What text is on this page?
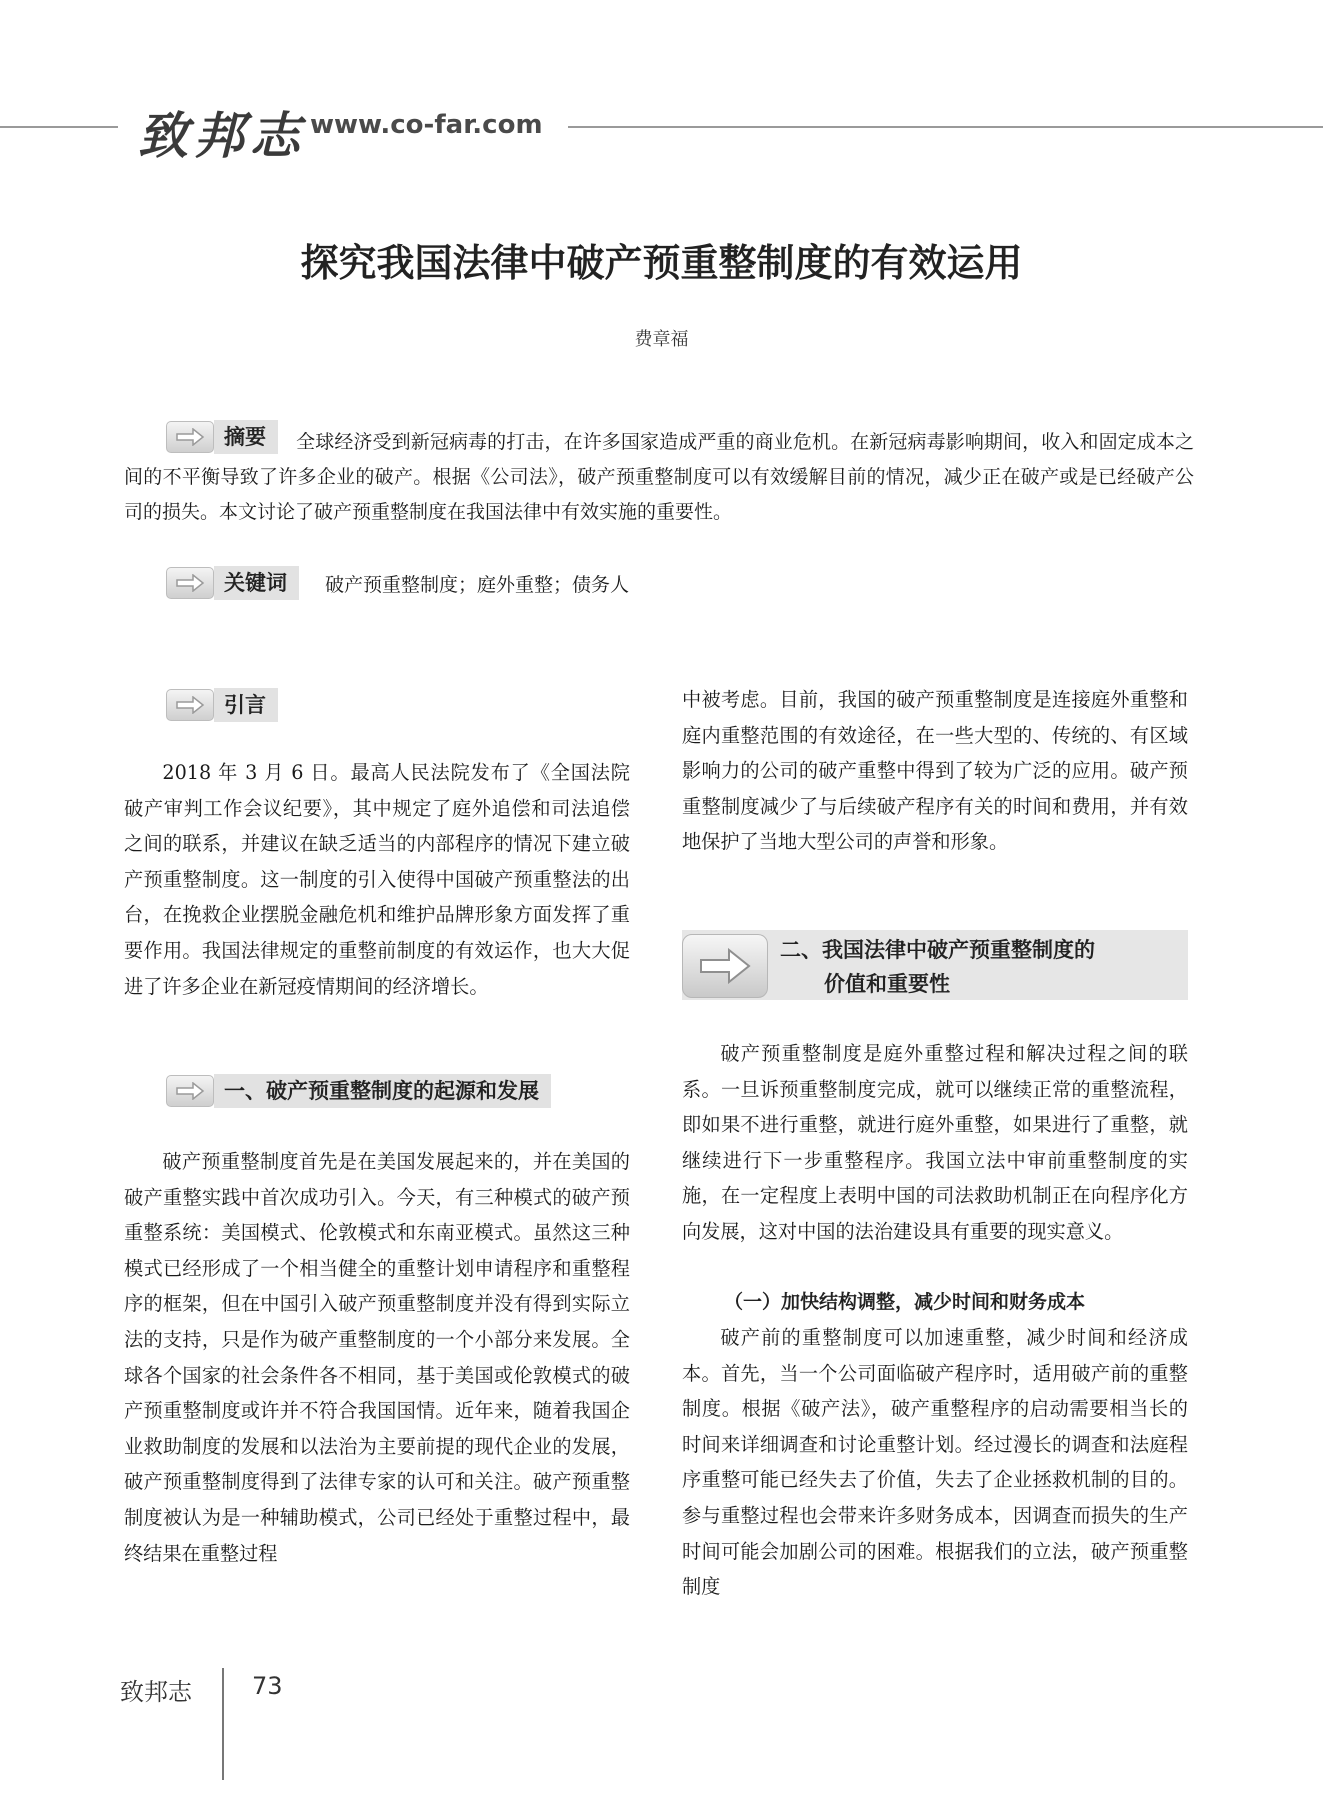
致邦志 www.co-far.com
探究我国法律中破产预重整制度的有效运用
费章福
摘要	全球经济受到新冠病毒的打击，在许多国家造成严重的商业危机。在新冠病毒影响期间，收入和固定成本之间的不平衡导致了许多企业的破产。根据《公司法》，破产预重整制度可以有效缓解目前的情况，减少正在破产或是已经破产公司的损失。本文讨论了破产预重整制度在我国法律中有效实施的重要性。
关键词	破产预重整制度；庭外重整；债务人
引言

2018 年 3 月 6 日。最高人民法院发布了《全国法院破产审判工作会议纪要》，其中规定了庭外追偿和司法追偿之间的联系，并建议在缺乏适当的内部程序的情况下建立破产预重整制度。这一制度的引入使得中国破产预重整法的出台，在挽救企业摆脱金融危机和维护品牌形象方面发挥了重要作用。我国法律规定的重整前制度的有效运作，也大大促进了许多企业在新冠疫情期间的经济增长。

一、破产预重整制度的起源和发展

破产预重整制度首先是在美国发展起来的，并在美国的破产重整实践中首次成功引入。今天，有三种模式的破产预重整系统：美国模式、伦敦模式和东南亚模式。虽然这三种模式已经形成了一个相当健全的重整计划申请程序和重整程序的框架，但在中国引入破产预重整制度并没有得到实际立法的支持，只是作为破产重整制度的一个小部分来发展。全球各个国家的社会条件各不相同，基于美国或伦敦模式的破产预重整制度或许并不符合我国国情。近年来，随着我国企业救助制度的发展和以法治为主要前提的现代企业的发展，破产预重整制度得到了法律专家的认可和关注。破产预重整制度被认为是一种辅助模式，公司已经处于重整过程中，最终结果在重整过程

中被考虑。目前，我国的破产预重整制度是连接庭外重整和庭内重整范围的有效途径，在一些大型的、传统的、有区域影响力的公司的破产重整中得到了较为广泛的应用。破产预重整制度减少了与后续破产程序有关的时间和费用，并有效地保护了当地大型公司的声誉和形象。

二、我国法律中破产预重整制度的
价值和重要性

破产预重整制度是庭外重整过程和解决过程之间的联系。一旦诉预重整制度完成，就可以继续正常的重整流程，即如果不进行重整，就进行庭外重整，如果进行了重整，就继续进行下一步重整程序。我国立法中审前重整制度的实施，在一定程度上表明中国的司法救助机制正在向程序化方向发展，这对中国的法治建设具有重要的现实意义。

（一）加快结构调整，减少时间和财务成本

破产前的重整制度可以加速重整，减少时间和经济成本。首先，当一个公司面临破产程序时，适用破产前的重整制度。根据《破产法》，破产重整程序的启动需要相当长的时间来详细调查和讨论重整计划。经过漫长的调查和法庭程序重整可能已经失去了价值，失去了企业拯救机制的目的。参与重整过程也会带来许多财务成本，因调查而损失的生产时间可能会加剧公司的困难。根据我们的立法，破产预重整制度

致邦志	73
